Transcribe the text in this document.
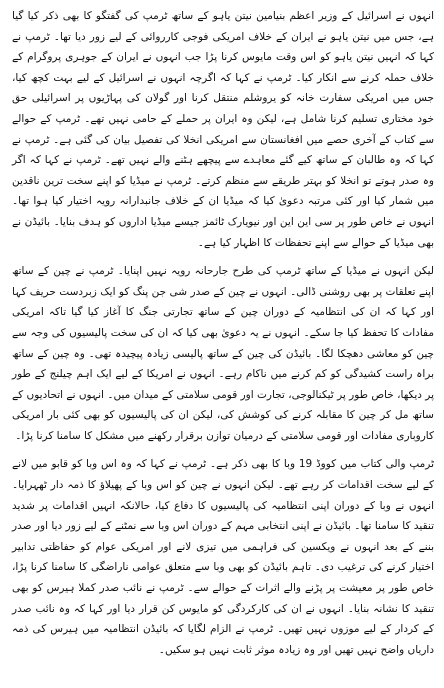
انہوں نے اسرائیل کے وزیر اعظم بنیامین نیتن یاہو کے ساتھ ٹرمپ کی گفتگو کا بھی ذکر کیا گیا ہے، جس میں نیتن یاہو نے ایران کے خلاف امریکی فوجی کارروائی کے لیے زور دیا تھا۔ ٹرمپ نے کہا کہ انہیں نیتن یاہو کو اس وقت مایوس کرنا پڑا جب انہوں نے ایران کے جوہری پروگرام کے خلاف حملہ کرنے سے انکار کیا۔ ٹرمپ نے کہا کہ اگرچہ انہوں نے اسرائیل کے لیے بہت کچھ کیا، جس میں امریکی سفارت خانہ کو یروشلم منتقل کرنا اور گولان کی پہاڑیوں پر اسرائیلی حق خود مختاری تسلیم کرنا شامل ہے، لیکن وہ ایران پر حملے کے حامی نہیں تھے۔ ٹرمپ کے حوالے سے کتاب کے آخری حصے میں افغانستان سے امریکی انخلا کی تفصیل بیان کی گئی ہے۔ ٹرمپ نے کہا کہ وہ طالبان کے ساتھ کیے گئے معاہدے سے پیچھے ہٹنے والے نہیں تھے۔ ٹرمپ نے کہا کہ اگر وہ صدر ہوتے تو انخلا کو بہتر طریقے سے منظم کرتے۔ ٹرمپ نے میڈیا کو اپنے سخت ترین ناقدین میں شمار کیا اور کئی مرتبہ دعویٰ کیا کہ میڈیا ان کے خلاف جانبدارانہ رویہ اختیار کیا ہوا تھا۔ انہوں نے خاص طور پر سی این این اور نیویارک ٹائمز جیسے میڈیا اداروں کو ہدف بنایا۔ بائیڈن نے بھی میڈیا کے حوالے سے اپنے تحفظات کا اظہار کیا ہے۔

لیکن انہوں نے میڈیا کے ساتھ ٹرمپ کی طرح جارحانہ رویہ نہیں اپنایا۔ ٹرمپ نے چین کے ساتھ اپنے تعلقات پر بھی روشنی ڈالی۔ انہوں نے چین کے صدر شی جن پنگ کو ایک زبردست حریف کہا اور کہا کہ ان کی انتظامیہ کے دوران چین کے ساتھ تجارتی جنگ کا آغاز کیا گیا تاکہ امریکی مفادات کا تحفظ کیا جا سکے۔ انہوں نے یہ دعویٰ بھی کیا کہ ان کی سخت پالیسیوں کی وجہ سے چین کو معاشی دھچکا لگا۔ بائیڈن کی چین کے ساتھ پالیسی زیادہ پیچیدہ تھی۔ وہ چین کے ساتھ براہ راست کشیدگی کو کم کرنے میں ناکام رہے۔ انہوں نے امریکا کے لیے ایک اہم چیلنج کے طور پر دیکھا، خاص طور پر ٹیکنالوجی، تجارت اور قومی سلامتی کے میدان میں۔ انہوں نے اتحادیوں کے ساتھ مل کر چین کا مقابلہ کرنے کی کوشش کی، لیکن ان کی پالیسیوں کو بھی کئی بار امریکی کاروباری مفادات اور قومی سلامتی کے درمیان توازن برقرار رکھنے میں مشکل کا سامنا کرنا پڑا۔

ٹرمپ والی کتاب میں کووڈ 19 وبا کا بھی ذکر ہے۔ ٹرمپ نے کہا کہ وہ اس وبا کو قابو میں لانے کے لیے سخت اقدامات کر رہے تھے۔ لیکن انہوں نے چین کو اس وبا کے پھیلاؤ کا ذمہ دار ٹھہرایا۔ انہوں نے وبا کے دوران اپنی انتظامیہ کی پالیسیوں کا دفاع کیا، حالانکہ انہیں اقدامات پر شدید تنقید کا سامنا تھا۔ بائیڈن نے اپنی انتخابی مہم کے دوران اس وبا سے نمٹنے کے لیے زور دیا اور صدر بننے کے بعد انہوں نے ویکسین کی فراہمی میں تیزی لانے اور امریکی عوام کو حفاظتی تدابیر اختیار کرنے کی ترغیب دی۔ تاہم بائیڈن کو بھی وبا سے متعلق عوامی ناراضگی کا سامنا کرنا پڑا، خاص طور پر معیشت پر پڑنے والے اثرات کے حوالے سے۔ ٹرمپ نے نائب صدر کملا ہیرس کو بھی تنقید کا نشانہ بنایا۔ انہوں نے ان کی کارکردگی کو مایوس کن قرار دیا اور کہا کہ وہ نائب صدر کے کردار کے لیے موزوں نہیں تھیں۔ ٹرمپ نے الزام لگایا کہ بائیڈن انتظامیہ میں ہیرس کی ذمہ داریاں واضح نہیں تھیں اور وہ زیادہ موثر ثابت نہیں ہو سکیں۔
